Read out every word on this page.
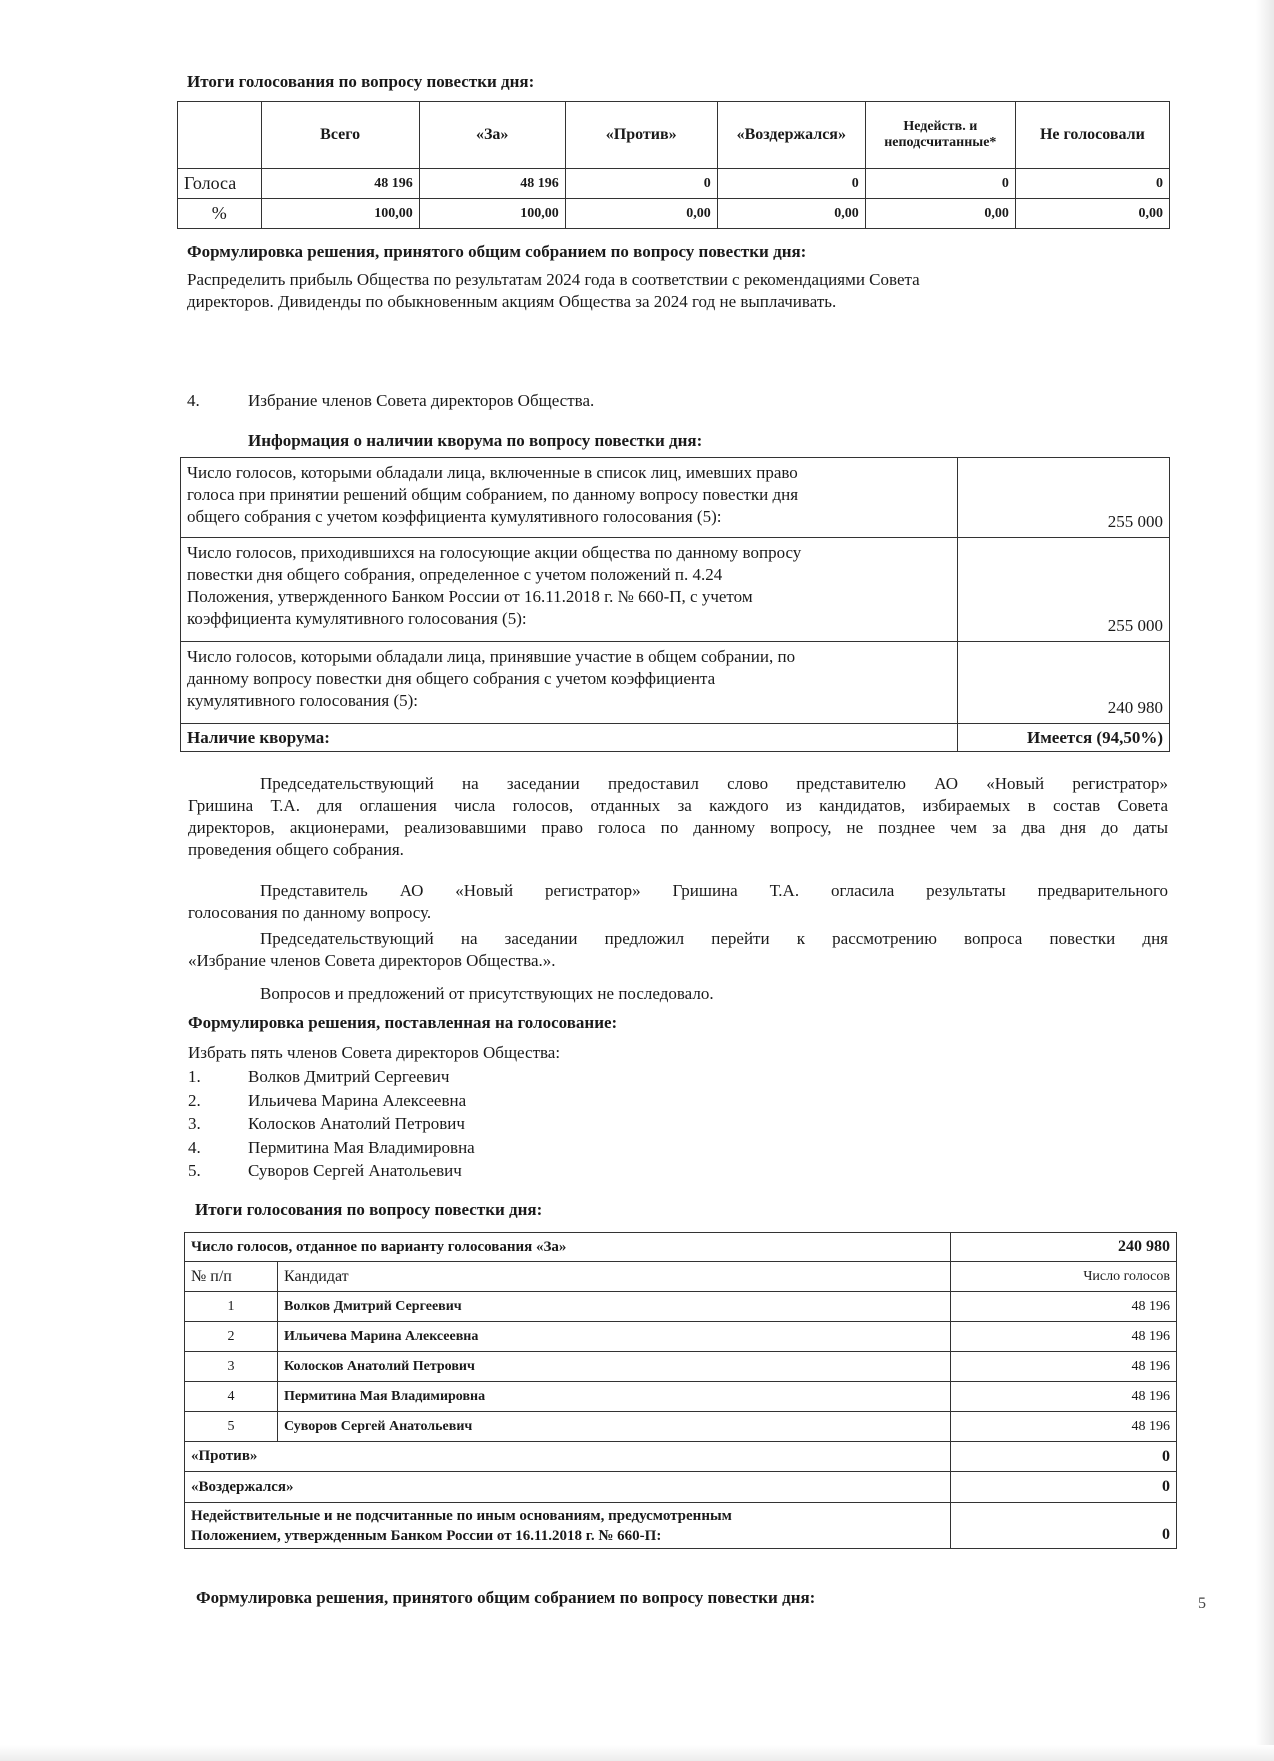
Итоги голосования по вопросу повестки дня:
	Всего	«За»	«Против»	«Воздержался»	Недейств. и неподсчитанные*	Не голосовали
Голоса	48 196	48 196	0	0	0	0
%	100,00	100,00	0,00	0,00	0,00	0,00
Формулировка решения, принятого общим собранием по вопросу повестки дня:
Распределить прибыль Общества по результатам 2024 года в соответствии с рекомендациями Совета
директоров. Дивиденды по обыкновенным акциям Общества за 2024 год не выплачивать.
4.	Избрание членов Совета директоров Общества.
Информация о наличии кворума по вопросу повестки дня:
Число голосов, которыми обладали лица, включенные в список лиц, имевших право
голоса при принятии решений общим собранием, по данному вопросу повестки дня
общего собрания с учетом коэффициента кумулятивного голосования (5):	255 000

Число голосов, приходившихся на голосующие акции общества по данному вопросу
повестки дня общего собрания, определенное с учетом положений п. 4.24
Положения, утвержденного Банком России от 16.11.2018 г. № 660-П, с учетом
коэффициента кумулятивного голосования (5):	255 000

Число голосов, которыми обладали лица, принявшие участие в общем собрании, по
данному вопросу повестки дня общего собрания с учетом коэффициента
кумулятивного голосования (5):	240 980
Наличие кворума:	Имеется (94,50%)
Председательствующий на заседании предоставил слово представителю АО «Новый регистратор»
Гришина Т.А. для оглашения числа голосов, отданных за каждого из кандидатов, избираемых в состав Совета
директоров, акционерами, реализовавшими право голоса по данному вопросу, не позднее чем за два дня до даты
проведения общего собрания.
Представитель АО «Новый регистратор» Гришина Т.А. огласила результаты предварительного
голосования по данному вопросу.
Председательствующий на заседании предложил перейти к рассмотрению вопроса повестки дня
«Избрание членов Совета директоров Общества.».
Вопросов и предложений от присутствующих не последовало.
Формулировка решения, поставленная на голосование:
Избрать пять членов Совета директоров Общества:
1.	Волков Дмитрий Сергеевич
2.	Ильичева Марина Алексеевна
3.	Колосков Анатолий Петрович
4.	Пермитина Мая Владимировна
5.	Суворов Сергей Анатольевич
Итоги голосования по вопросу повестки дня:
Число голосов, отданное по варианту голосования «За»		240 980
№ п/п	Кандидат	Число голосов
1	Волков Дмитрий Сергеевич	48 196
2	Ильичева Марина Алексеевна	48 196
3	Колосков Анатолий Петрович	48 196
4	Пермитина Мая Владимировна	48 196
5	Суворов Сергей Анатольевич	48 196
«Против»		0
«Воздержался»		0

Недействительные и не подсчитанные по иным основаниям, предусмотренным
Положением, утвержденным Банком России от 16.11.2018 г. № 660-П:		0
Формулировка решения, принятого общим собранием по вопросу повестки дня:	5
